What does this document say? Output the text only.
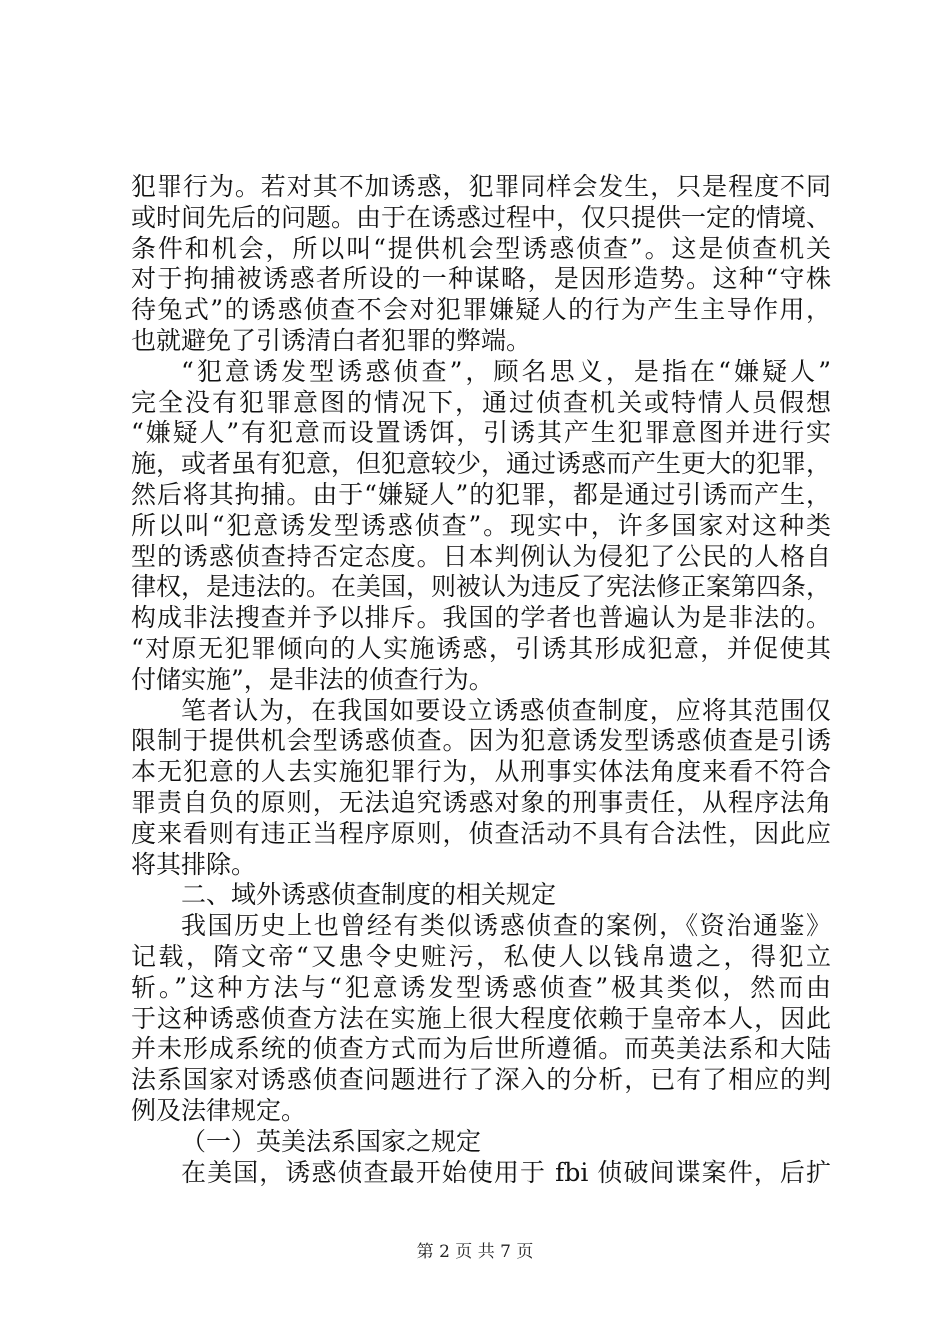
犯罪行为。若对其不加诱惑，犯罪同样会发生，只是程度不同
或时间先后的问题。由于在诱惑过程中，仅只提供一定的情境、
条件和机会，所以叫“提供机会型诱惑侦查”。这是侦查机关
对于拘捕被诱惑者所设的一种谋略，是因形造势。这种“守株
待兔式”的诱惑侦查不会对犯罪嫌疑人的行为产生主导作用，
也就避免了引诱清白者犯罪的弊端。
“犯意诱发型诱惑侦查”，顾名思义，是指在“嫌疑人”
完全没有犯罪意图的情况下，通过侦查机关或特情人员假想
“嫌疑人”有犯意而设置诱饵，引诱其产生犯罪意图并进行实
施，或者虽有犯意，但犯意较少，通过诱惑而产生更大的犯罪，
然后将其拘捕。由于“嫌疑人”的犯罪，都是通过引诱而产生，
所以叫“犯意诱发型诱惑侦查”。现实中，许多国家对这种类
型的诱惑侦查持否定态度。日本判例认为侵犯了公民的人格自
律权，是违法的。在美国，则被认为违反了宪法修正案第四条，
构成非法搜查并予以排斥。我国的学者也普遍认为是非法的。
“对原无犯罪倾向的人实施诱惑，引诱其形成犯意，并促使其
付储实施”，是非法的侦查行为。
笔者认为，在我国如要设立诱惑侦查制度，应将其范围仅
限制于提供机会型诱惑侦查。因为犯意诱发型诱惑侦查是引诱
本无犯意的人去实施犯罪行为，从刑事实体法角度来看不符合
罪责自负的原则，无法追究诱惑对象的刑事责任，从程序法角
度来看则有违正当程序原则，侦查活动不具有合法性，因此应
将其排除。
二、域外诱惑侦查制度的相关规定
我国历史上也曾经有类似诱惑侦查的案例，《资治通鉴》
记载，隋文帝“又患令史赃污，私使人以钱帛遗之，得犯立
斩。”这种方法与“犯意诱发型诱惑侦查”极其类似，然而由
于这种诱惑侦查方法在实施上很大程度依赖于皇帝本人，因此
并未形成系统的侦查方式而为后世所遵循。而英美法系和大陆
法系国家对诱惑侦查问题进行了深入的分析，已有了相应的判
例及法律规定。
（一）英美法系国家之规定
在美国，诱惑侦查最开始使用于 fbi 侦破间谍案件，后扩
第 2 页 共 7 页
